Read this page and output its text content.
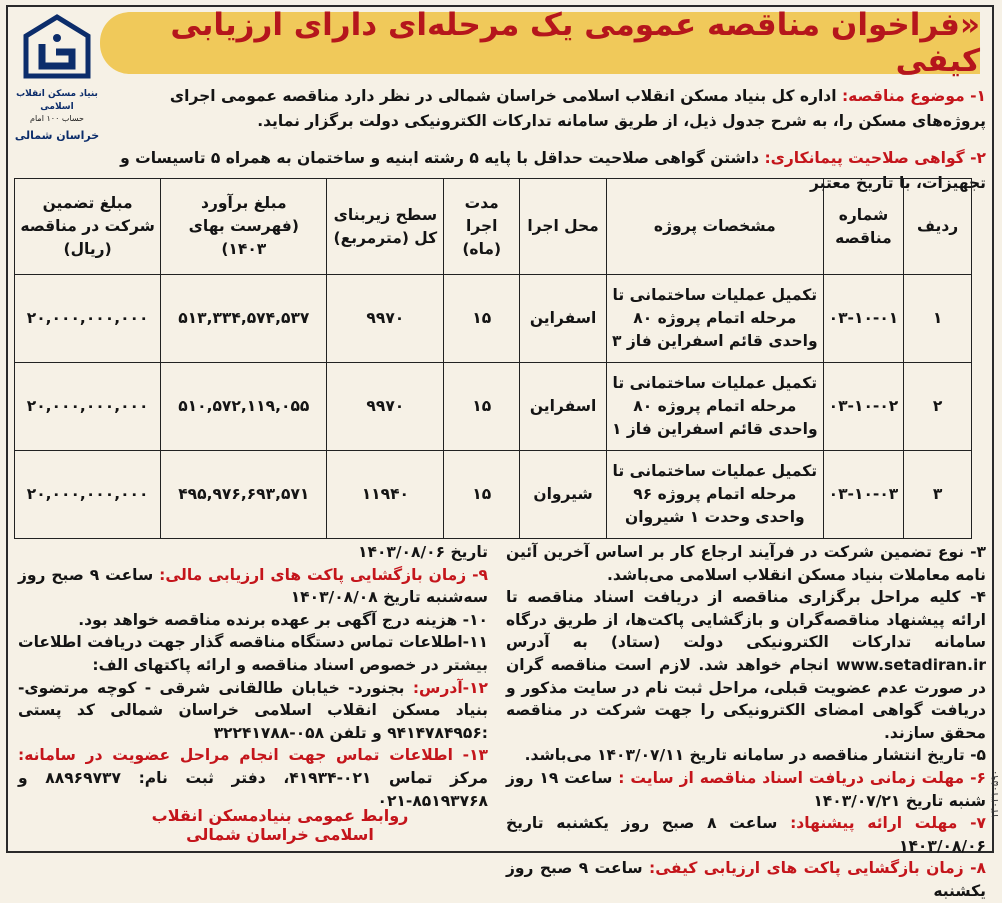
بنیاد مسکن انقلاب اسلامی
حساب ۱۰۰ امام
خراسان شمالی
«فراخوان مناقصه عمومی یک مرحله‌ای دارای ارزیابی کیفی
۱- موضوع مناقصه: اداره کل بنیاد مسکن انقلاب اسلامی خراسان شمالی در نظر دارد مناقصه عمومی اجرای پروژه‌های مسکن را، به شرح جدول ذیل، از طریق سامانه تدارکات الکترونیکی دولت برگزار نماید.
۲- گواهی صلاحیت پیمانکاری: داشتن گواهی صلاحیت حداقل با پایه ۵ رشته ابنیه و ساختمان به همراه ۵ تاسیسات و تجهیزات، با تاریخ معتبر
ردیف	شماره مناقصه	مشخصات پروژه	محل اجرا	مدت اجرا (ماه)	سطح زیربنای کل (مترمربع)	مبلغ برآورد (فهرست بهای ۱۴۰۳)	مبلغ تضمین شرکت در مناقصه (ریال)
۱	۰۳-۱۰-۰۱	تکمیل عملیات ساختمانی تا مرحله اتمام پروژه ۸۰ واحدی قائم اسفراین فاز ۳	اسفراین	۱۵	۹۹۷۰	۵۱۳,۳۳۴,۵۷۴,۵۳۷	۲۰,۰۰۰,۰۰۰,۰۰۰
۲	۰۳-۱۰-۰۲	تکمیل عملیات ساختمانی تا مرحله اتمام پروژه ۸۰ واحدی قائم اسفراین فاز ۱	اسفراین	۱۵	۹۹۷۰	۵۱۰,۵۷۲,۱۱۹,۰۵۵	۲۰,۰۰۰,۰۰۰,۰۰۰
۳	۰۳-۱۰-۰۳	تکمیل عملیات ساختمانی تا مرحله اتمام پروژه ۹۶ واحدی وحدت ۱ شیروان	شیروان	۱۵	۱۱۹۴۰	۴۹۵,۹۷۶,۶۹۳,۵۷۱	۲۰,۰۰۰,۰۰۰,۰۰۰

۳- نوع تضمین شرکت در فرآیند ارجاع کار بر اساس آخرین آئین نامه معاملات بنیاد مسکن انقلاب اسلامی می‌باشد.

۴- کلیه مراحل برگزاری مناقصه از دریافت اسناد مناقصه تا ارائه پیشنهاد مناقصه‌گران و بازگشایی پاکت‌ها، از طریق درگاه سامانه تدارکات الکترونیکی دولت (ستاد) به آدرس www.setadiran.ir انجام خواهد شد. لازم است مناقصه گران در صورت عدم عضویت قبلی، مراحل ثبت نام در سایت مذکور و دریافت گواهی امضای الکترونیکی را جهت شرکت در مناقصه محقق سازند.

۵- تاریخ انتشار مناقصه در سامانه تاریخ ۱۴۰۳/۰۷/۱۱ می‌باشد.

۶- مهلت زمانی دریافت اسناد مناقصه از سایت : ساعت ۱۹ روز شنبه تاریخ ۱۴۰۳/۰۷/۲۱

۷- مهلت ارائه پیشنهاد: ساعت ۸ صبح روز یکشنبه تاریخ ۱۴۰۳/۰۸/۰۶

۸- زمان بازگشایی پاکت های ارزیابی کیفی: ساعت ۹ صبح روز یکشنبه

تاریخ ۱۴۰۳/۰۸/۰۶

۹- زمان بازگشایی پاکت های ارزیابی مالی: ساعت ۹ صبح روز سه‌شنبه تاریخ ۱۴۰۳/۰۸/۰۸

۱۰- هزینه درج آگهی بر عهده برنده مناقصه خواهد بود.

۱۱-اطلاعات تماس دستگاه مناقصه گذار جهت دریافت اطلاعات بیشتر در خصوص اسناد مناقصه و ارائه پاکتهای الف:

۱۲-آدرس: بجنورد- خیابان طالقانی شرقی - کوچه مرتضوی- بنیاد مسکن انقلاب اسلامی خراسان شمالی کد پستی :۹۴۱۴۷۸۴۹۵۶ و تلفن ۰۵۸-۳۲۲۴۱۷۸۸

۱۳- اطلاعات تماس جهت انجام مراحل عضویت در سامانه: مرکز تماس ۰۲۱-۴۱۹۳۴، دفتر ثبت نام: ۸۸۹۶۹۷۳۷ و ۸۵۱۹۳۷۶۸-۰۲۱

روابط عمومی بنیادمسکن انقلاب اسلامی خراسان شمالی
۱۴۰۳۱۰۵۹۰
